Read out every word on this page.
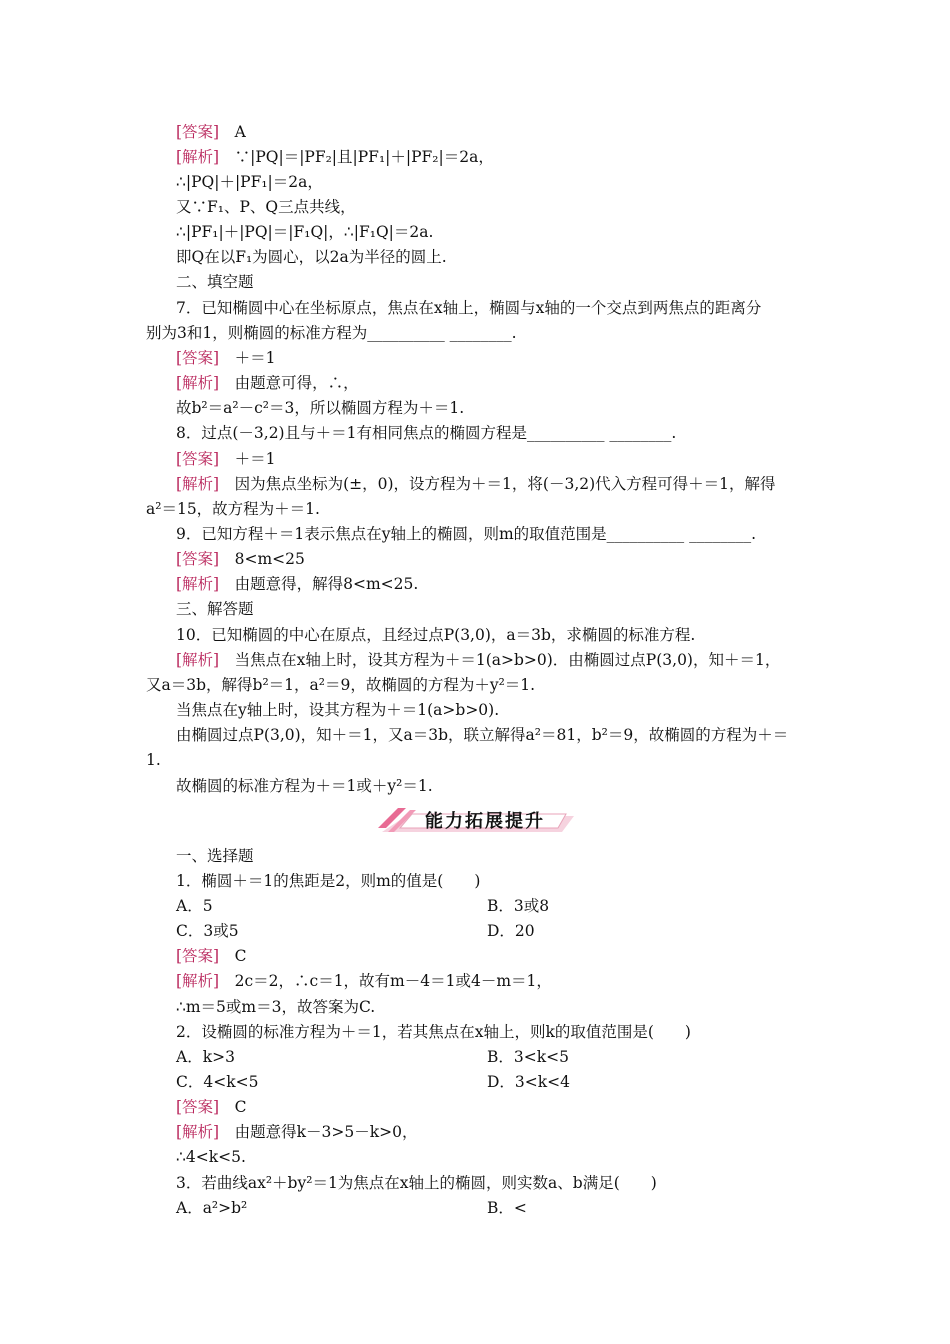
[答案]　A
[解析]　∵|PQ|＝|PF₂|且|PF₁|＋|PF₂|＝2a，
∴|PQ|＋|PF₁|＝2a，
又∵F₁、P、Q三点共线，
∴|PF₁|＋|PQ|＝|F₁Q|，∴|F₁Q|＝2a.
即Q在以F₁为圆心，以2a为半径的圆上.
二、填空题
7．已知椭圆中心在坐标原点，焦点在x轴上，椭圆与x轴的一个交点到两焦点的距离分
别为3和1，则椭圆的标准方程为__________ ________.
[答案]　＋＝1
[解析]　由题意可得，∴，
故b²＝a²－c²＝3，所以椭圆方程为＋＝1.
8．过点(－3,2)且与＋＝1有相同焦点的椭圆方程是__________ ________.
[答案]　＋＝1
[解析]　因为焦点坐标为(±，0)，设方程为＋＝1，将(－3,2)代入方程可得＋＝1，解得
a²＝15，故方程为＋＝1.
9．已知方程＋＝1表示焦点在y轴上的椭圆，则m的取值范围是__________ ________.
[答案]　8<m<25
[解析]　由题意得，解得8<m<25.
三、解答题
10．已知椭圆的中心在原点，且经过点P(3,0)，a＝3b，求椭圆的标准方程.
[解析]　当焦点在x轴上时，设其方程为＋＝1(a>b>0)．由椭圆过点P(3,0)，知＋＝1，
又a＝3b，解得b²＝1，a²＝9，故椭圆的方程为＋y²＝1.
当焦点在y轴上时，设其方程为＋＝1(a>b>0).
由椭圆过点P(3,0)，知＋＝1，又a＝3b，联立解得a²＝81，b²＝9，故椭圆的方程为＋＝
1.
故椭圆的标准方程为＋＝1或＋y²＝1.
能力拓展提升
一、选择题
1．椭圆＋＝1的焦距是2，则m的值是(　　)
A．5	B．3或8
C．3或5	D．20
[答案]　C
[解析]　2c＝2，∴c＝1，故有m－4＝1或4－m＝1，
∴m＝5或m＝3，故答案为C.
2．设椭圆的标准方程为＋＝1，若其焦点在x轴上，则k的取值范围是(　　)
A．k>3	B．3<k<5
C．4<k<5	D．3<k<4
[答案]　C
[解析]　由题意得k－3>5－k>0，
∴4<k<5.
3．若曲线ax²＋by²＝1为焦点在x轴上的椭圆，则实数a、b满足(　　)
A．a²>b²	B．<
